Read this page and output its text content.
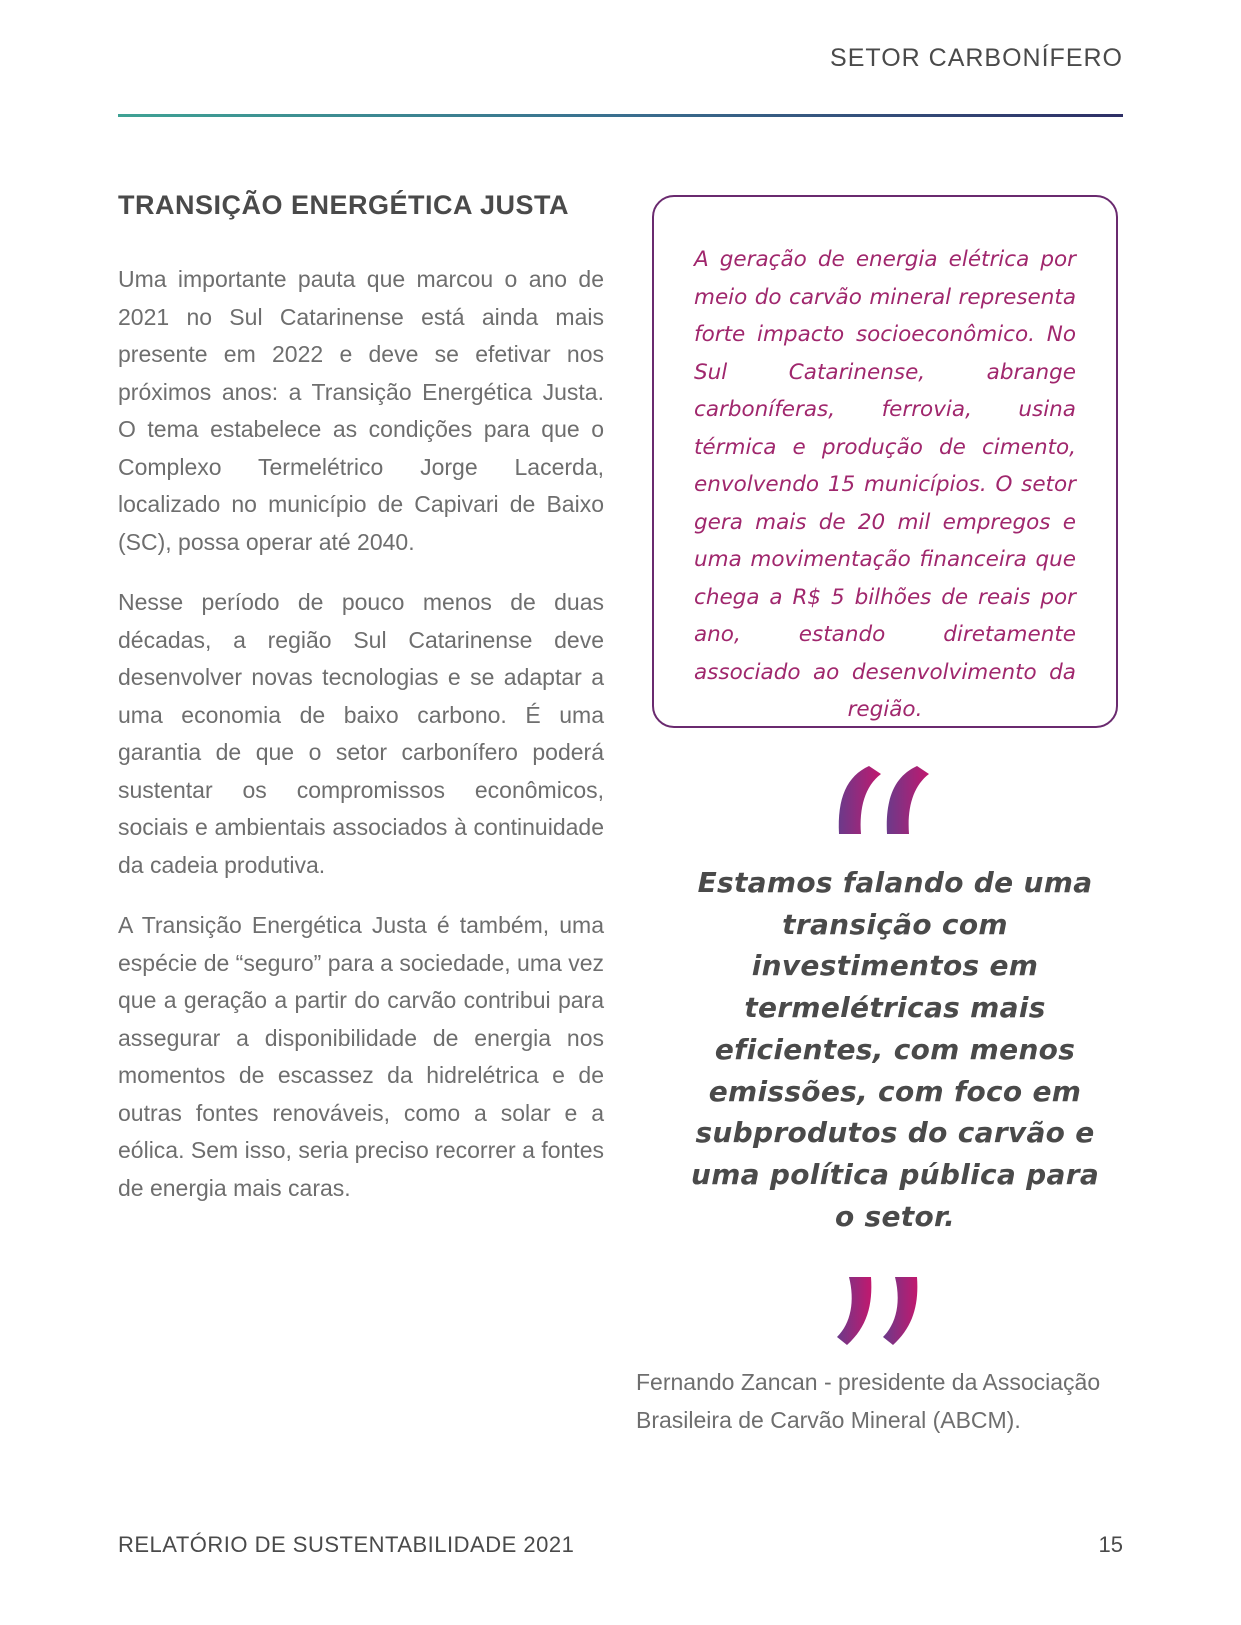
SETOR CARBONÍFERO
TRANSIÇÃO ENERGÉTICA JUSTA

Uma importante pauta que marcou o ano de 2021 no Sul Catarinense está ainda mais presente em 2022 e deve se efetivar nos próximos anos: a Transição Energética Justa. O tema estabelece as condições para que o Complexo Termelétrico Jorge Lacerda, localizado no município de Capivari de Baixo (SC), possa operar até 2040.

Nesse período de pouco menos de duas décadas, a região Sul Catarinense deve desenvolver novas tecnologias e se adaptar a uma economia de baixo carbono. É uma garantia de que o setor carbonífero poderá sustentar os compromissos econômicos, sociais e ambientais associados à continuidade da cadeia produtiva.

A Transição Energética Justa é também, uma espécie de “seguro” para a sociedade, uma vez que a geração a partir do carvão contribui para assegurar a disponibilidade de energia nos momentos de escassez da hidrelétrica e de outras fontes renováveis, como a solar e a eólica. Sem isso, seria preciso recorrer a fontes de energia mais caras.

A geração de energia elétrica por meio do carvão mineral representa forte impacto socioeconômico. No Sul Catarinense, abrange carboníferas, ferrovia, usina térmica e produção de cimento, envolvendo 15 municípios. O setor gera mais de 20 mil empregos e uma movimentação financeira que chega a R$ 5 bilhões de reais por ano, estando diretamente associado ao desenvolvimento da região.

Estamos falando de uma transição com investimentos em termelétricas mais eficientes, com menos emissões, com foco em subprodutos do carvão e uma política pública para o setor.

Fernando Zancan - presidente da Associação Brasileira de Carvão Mineral (ABCM).

RELATÓRIO DE SUSTENTABILIDADE 2021	15
